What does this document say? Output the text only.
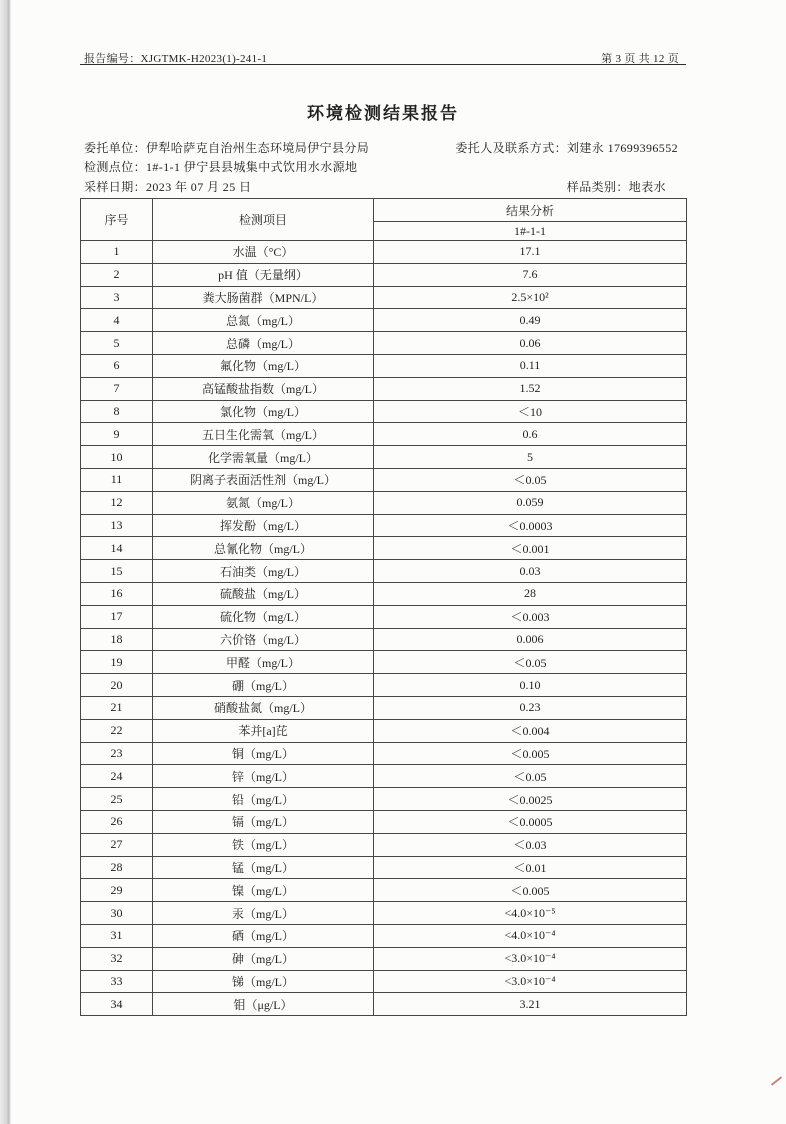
报告编号：XJGTMK-H2023(1)-241-1	第 3 页 共 12 页
环境检测结果报告
委托单位：伊犁哈萨克自治州生态环境局伊宁县分局	委托人及联系方式：刘建永 17699396552
检测点位：1#-1-1 伊宁县县城集中式饮用水水源地
采样日期：2023 年 07 月 25 日	样品类别：地表水
序号	检测项目	结果分析
		1#-1-1
1	水温（°C）	17.1
2	pH 值（无量纲）	7.6
3	粪大肠菌群（MPN/L）	2.5×10²
4	总氮（mg/L）	0.49
5	总磷（mg/L）	0.06
6	氟化物（mg/L）	0.11
7	高锰酸盐指数（mg/L）	1.52
8	氯化物（mg/L）	＜10
9	五日生化需氧（mg/L）	0.6
10	化学需氧量（mg/L）	5
11	阴离子表面活性剂（mg/L）	＜0.05
12	氨氮（mg/L）	0.059
13	挥发酚（mg/L）	＜0.0003
14	总氰化物（mg/L）	＜0.001
15	石油类（mg/L）	0.03
16	硫酸盐（mg/L）	28
17	硫化物（mg/L）	＜0.003
18	六价铬（mg/L）	0.006
19	甲醛（mg/L）	＜0.05
20	硼（mg/L）	0.10
21	硝酸盐氮（mg/L）	0.23
22	苯并[a]芘	＜0.004
23	铜（mg/L）	＜0.005
24	锌（mg/L）	＜0.05
25	铅（mg/L）	＜0.0025
26	镉（mg/L）	＜0.0005
27	铁（mg/L）	＜0.03
28	锰（mg/L）	＜0.01
29	镍（mg/L）	＜0.005
30	汞（mg/L）	<4.0×10⁻⁵
31	硒（mg/L）	<4.0×10⁻⁴
32	砷（mg/L）	<3.0×10⁻⁴
33	锑（mg/L）	<3.0×10⁻⁴
34	钼（μg/L）	3.21
